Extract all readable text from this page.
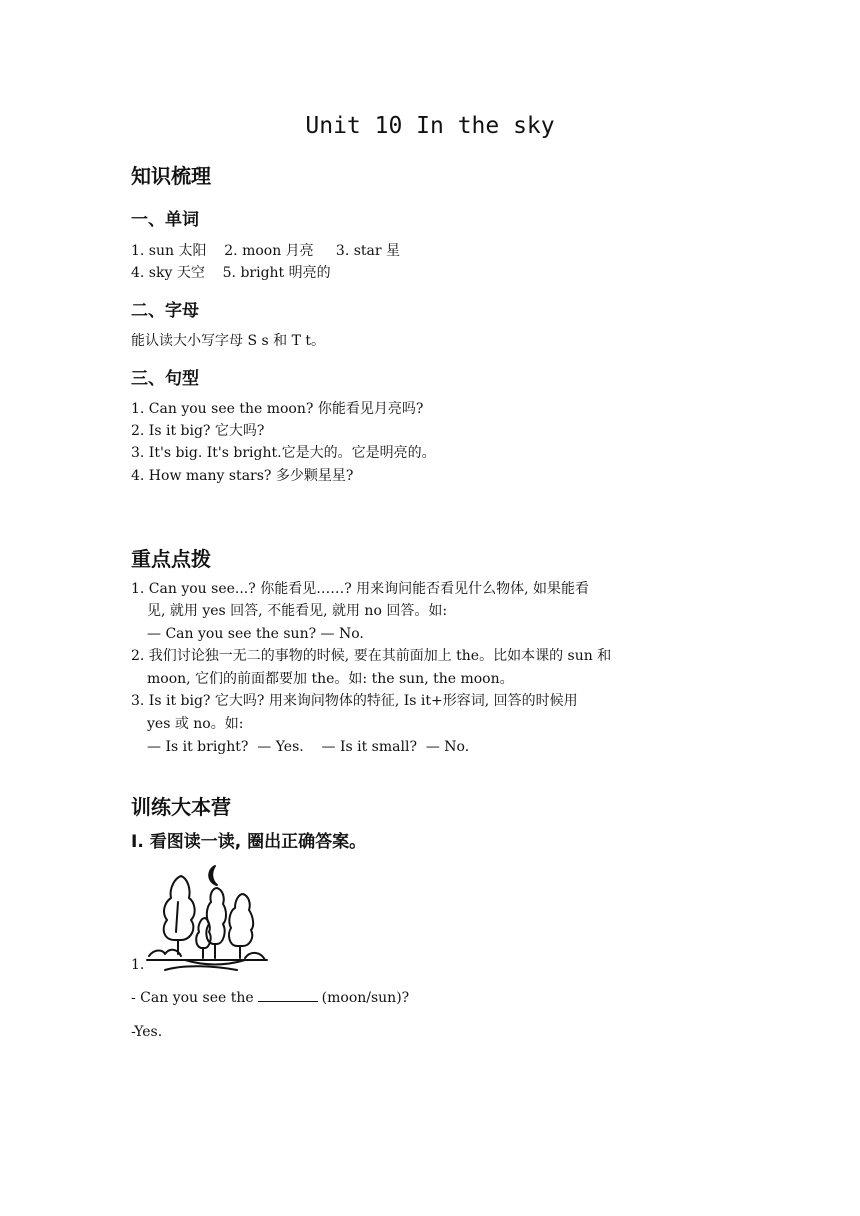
Unit 10 In the sky
知识梳理
一、单词
1. sun 太阳    2. moon 月亮     3. star 星
4. sky 天空    5. bright 明亮的
二、字母
能认读大小写字母 S s 和 T t。
三、句型
1. Can you see the moon? 你能看见月亮吗?
2. Is it big? 它大吗?
3. It's big. It's bright.它是大的。它是明亮的。
4. How many stars? 多少颗星星?
重点点拨
1. Can you see...? 你能看见……? 用来询问能否看见什么物体, 如果能看
见, 就用 yes 回答, 不能看见, 就用 no 回答。如:
— Can you see the sun? — No.
2. 我们讨论独一无二的事物的时候, 要在其前面加上 the。比如本课的 sun 和
moon, 它们的前面都要加 the。如: the sun, the moon。
3. Is it big? 它大吗? 用来询问物体的特征, Is it+形容词, 回答的时候用
yes 或 no。如:
— Is it bright?  — Yes.    — Is it small?  — No.
训练大本营
Ⅰ. 看图读一读, 圈出正确答案。
1.
- Can you see the	(moon/sun)?
-Yes.
